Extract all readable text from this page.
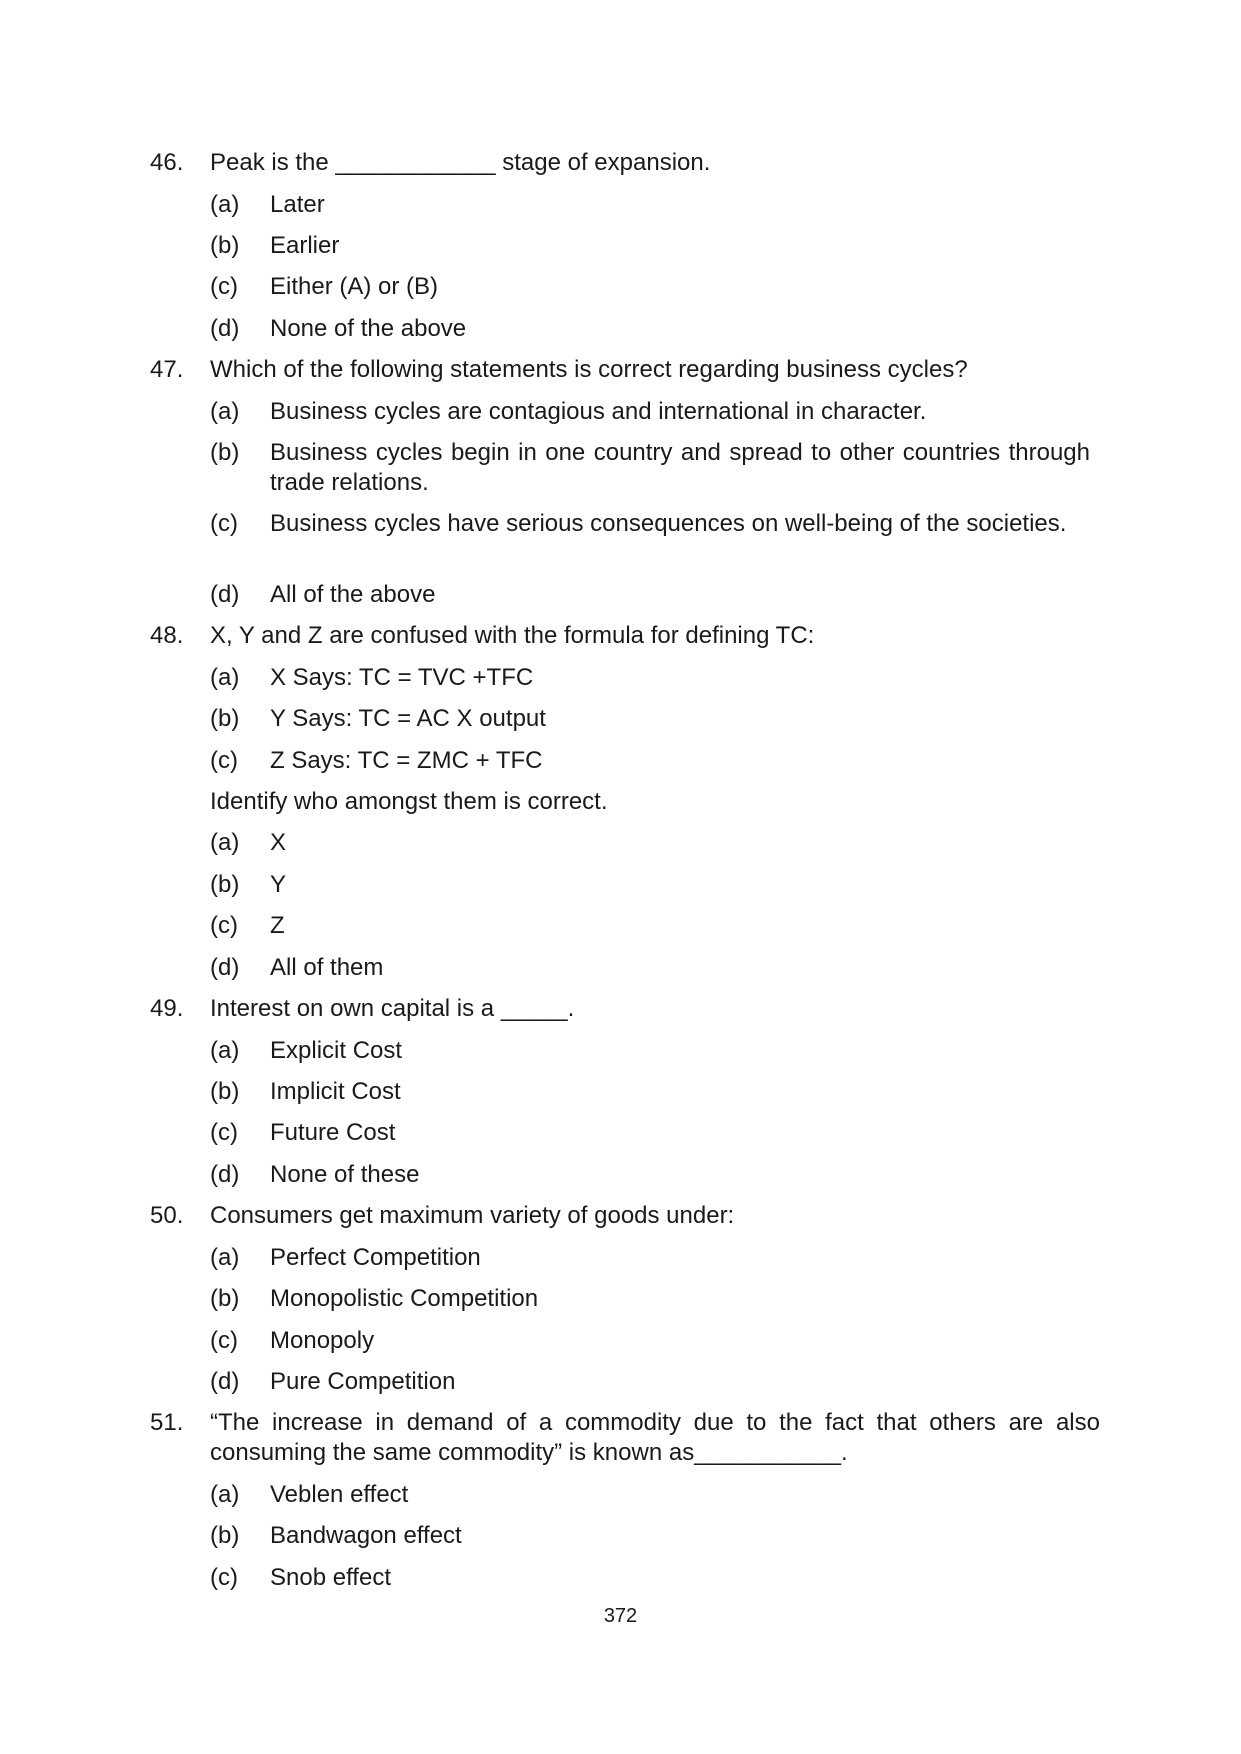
46.	Peak is the ____________ stage of expansion.
(a)	Later
(b)	Earlier
(c)	Either (A) or (B)
(d)	None of the above
47.	Which of the following statements is correct regarding business cycles?
(a)	Business cycles are contagious and international in character.
(b)	Business cycles begin in one country and spread to other countries through trade relations.
(c)	Business cycles have serious consequences on well-being of the societies.
(d)	All of the above
48.	X, Y and Z are confused with the formula for defining TC:
(a)	X Says: TC = TVC +TFC
(b)	Y Says: TC = AC X output
(c)	Z Says: TC = ZMC + TFC
Identify who amongst them is correct.
(a)	X
(b)	Y
(c)	Z
(d)	All of them
49.	Interest on own capital is a _____.
(a)	Explicit Cost
(b)	Implicit Cost
(c)	Future Cost
(d)	None of these
50.	Consumers get maximum variety of goods under:
(a)	Perfect Competition
(b)	Monopolistic Competition
(c)	Monopoly
(d)	Pure Competition
51.	“The increase in demand of a commodity due to the fact that others are also consuming the same commodity” is known as___________.
(a)	Veblen effect
(b)	Bandwagon effect
(c)	Snob effect
372
